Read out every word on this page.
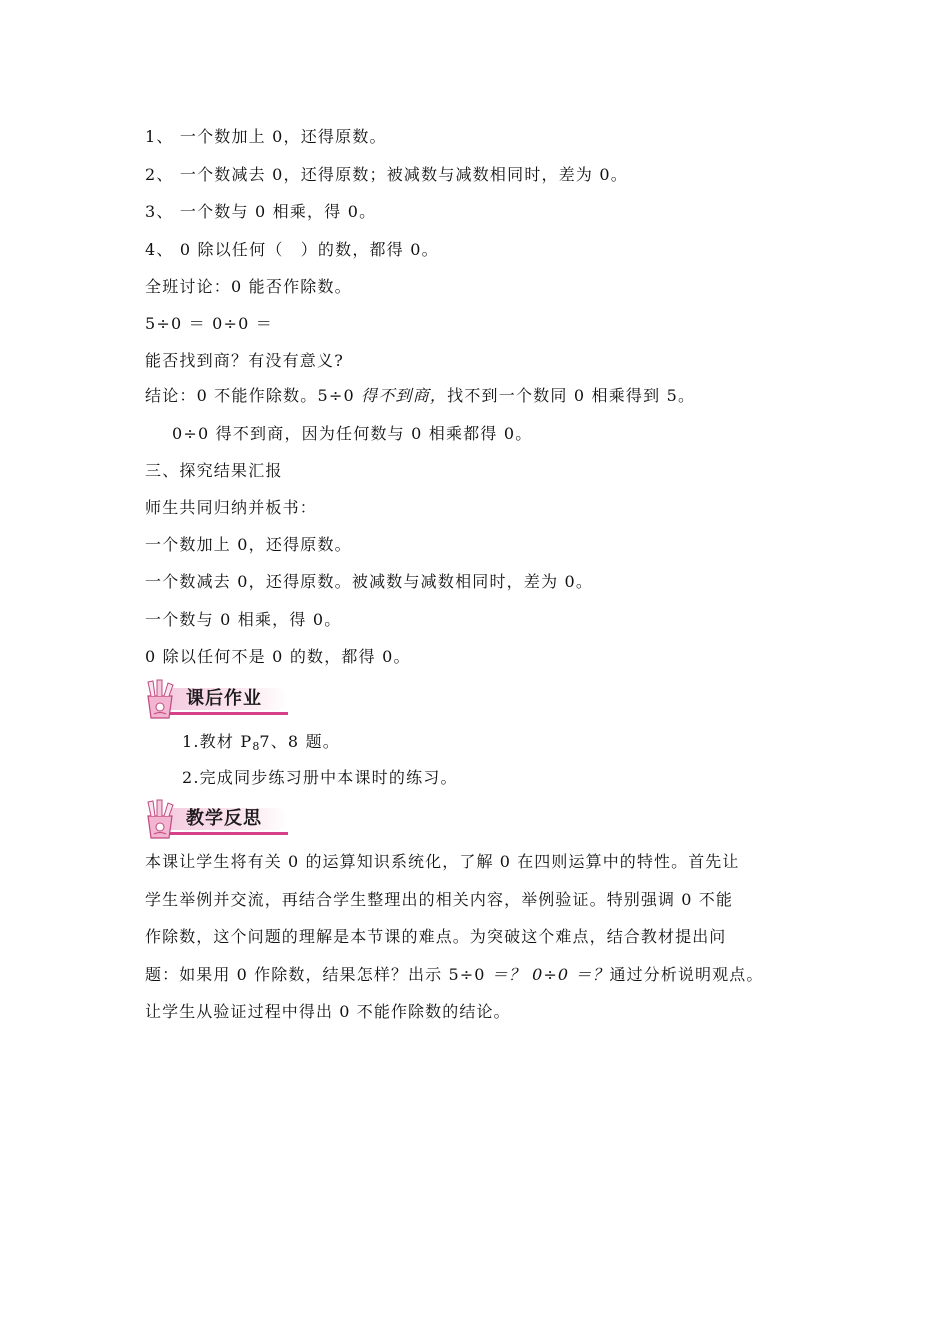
1、 一个数加上 0，还得原数。
2、 一个数减去 0，还得原数；被减数与减数相同时，差为 0。
3、 一个数与 0 相乘，得 0。
4、 0 除以任何（　）的数，都得 0。
全班讨论：0 能否作除数。
5÷0 ＝ 0÷0 ＝
能否找到商？有没有意义?
结论：0 不能作除数。5÷0 得不到商，找不到一个数同 0 相乘得到 5。
0÷0 得不到商，因为任何数与 0 相乘都得 0。
三、探究结果汇报
师生共同归纳并板书：
一个数加上 0，还得原数。
一个数减去 0，还得原数。被减数与减数相同时，差为 0。
一个数与 0 相乘，得 0。
0 除以任何不是 0 的数，都得 0。
课后作业
1.教材 $P_87$、8 题。
2.完成同步练习册中本课时的练习。
教学反思
本课让学生将有关 0 的运算知识系统化，了解 0 在四则运算中的特性。首先让
学生举例并交流，再结合学生整理出的相关内容，举例验证。特别强调 0 不能
作除数，这个问题的理解是本节课的难点。为突破这个难点，结合教材提出问
题：如果用 0 作除数，结果怎样？出示 5÷0 ＝？ 0÷0 ＝？通过分析说明观点。
让学生从验证过程中得出 0 不能作除数的结论。
